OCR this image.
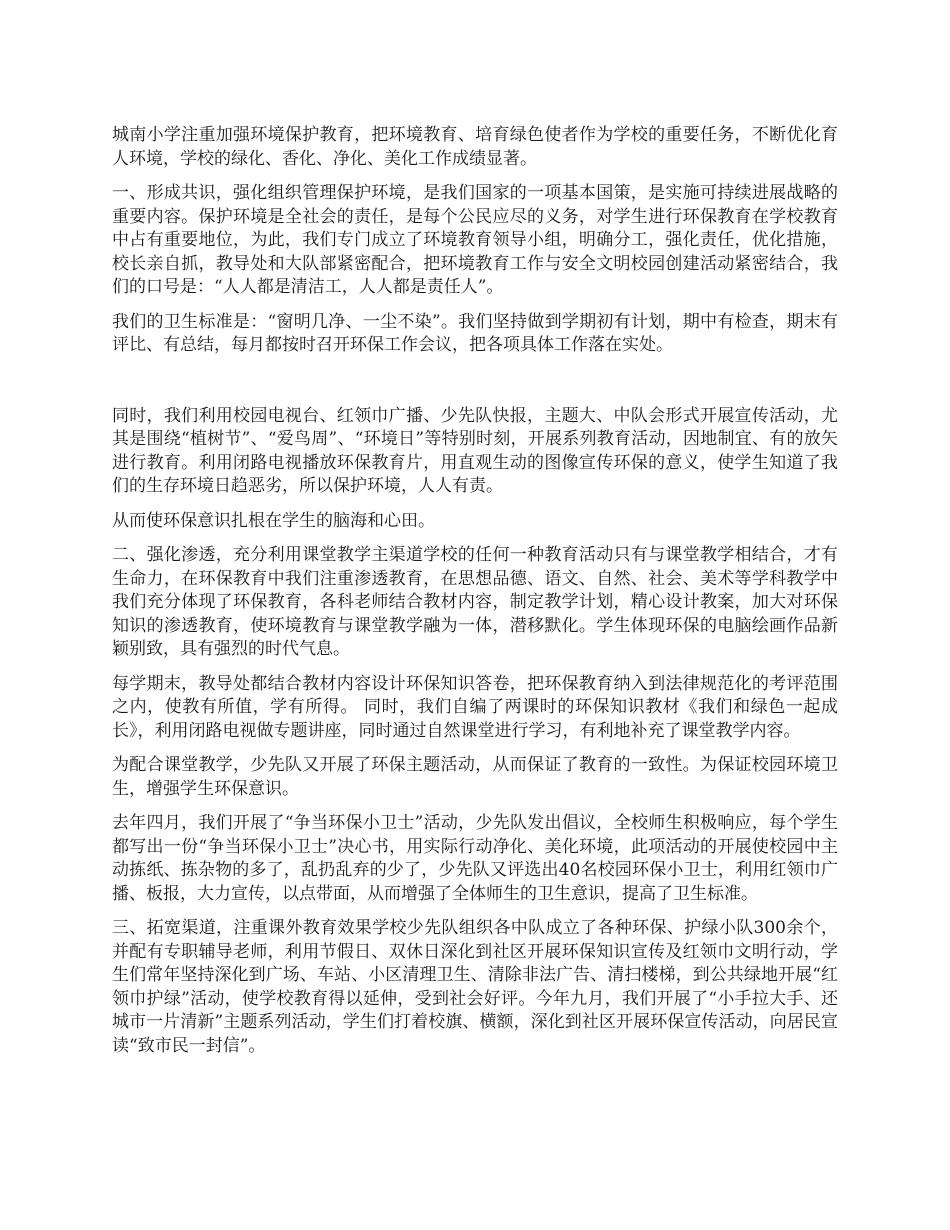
城南小学注重加强环境保护教育，把环境教育、培育绿色使者作为学校的重要任务，不断优化育人环境，学校的绿化、香化、净化、美化工作成绩显著。

一、形成共识，强化组织管理保护环境，是我们国家的一项基本国策，是实施可持续进展战略的重要内容。保护环境是全社会的责任，是每个公民应尽的义务，对学生进行环保教育在学校教育中占有重要地位，为此，我们专门成立了环境教育领导小组，明确分工，强化责任，优化措施，校长亲自抓，教导处和大队部紧密配合，把环境教育工作与安全文明校园创建活动紧密结合，我们的口号是：“人人都是清洁工，人人都是责任人”。

我们的卫生标准是：“窗明几净、一尘不染”。我们坚持做到学期初有计划，期中有检查，期末有评比、有总结，每月都按时召开环保工作会议，把各项具体工作落在实处。

同时，我们利用校园电视台、红领巾广播、少先队快报，主题大、中队会形式开展宣传活动，尤其是围绕“植树节”、“爱鸟周”、“环境日”等特别时刻，开展系列教育活动，因地制宜、有的放矢进行教育。利用闭路电视播放环保教育片，用直观生动的图像宣传环保的意义，使学生知道了我们的生存环境日趋恶劣，所以保护环境，人人有责。

从而使环保意识扎根在学生的脑海和心田。

二、强化渗透，充分利用课堂教学主渠道学校的任何一种教育活动只有与课堂教学相结合，才有生命力，在环保教育中我们注重渗透教育，在思想品德、语文、自然、社会、美术等学科教学中我们充分体现了环保教育，各科老师结合教材内容，制定教学计划，精心设计教案，加大对环保知识的渗透教育，使环境教育与课堂教学融为一体，潜移默化。学生体现环保的电脑绘画作品新颖别致，具有强烈的时代气息。

每学期末，教导处都结合教材内容设计环保知识答卷，把环保教育纳入到法律规范化的考评范围之内，使教有所值，学有所得。 同时，我们自编了两课时的环保知识教材《我们和绿色一起成长》，利用闭路电视做专题讲座，同时通过自然课堂进行学习，有利地补充了课堂教学内容。

为配合课堂教学，少先队又开展了环保主题活动，从而保证了教育的一致性。为保证校园环境卫生，增强学生环保意识。

去年四月，我们开展了“争当环保小卫士”活动，少先队发出倡议，全校师生积极响应，每个学生都写出一份“争当环保小卫士”决心书，用实际行动净化、美化环境，此项活动的开展使校园中主动拣纸、拣杂物的多了，乱扔乱弃的少了，少先队又评选出40名校园环保小卫士，利用红领巾广播、板报，大力宣传，以点带面，从而增强了全体师生的卫生意识，提高了卫生标准。

三、拓宽渠道，注重课外教育效果学校少先队组织各中队成立了各种环保、护绿小队300余个，并配有专职辅导老师，利用节假日、双休日深化到社区开展环保知识宣传及红领巾文明行动，学生们常年坚持深化到广场、车站、小区清理卫生、清除非法广告、清扫楼梯，到公共绿地开展“红领巾护绿”活动，使学校教育得以延伸，受到社会好评。今年九月，我们开展了“小手拉大手、还城市一片清新”主题系列活动，学生们打着校旗、横额，深化到社区开展环保宣传活动，向居民宣读“致市民一封信”。
